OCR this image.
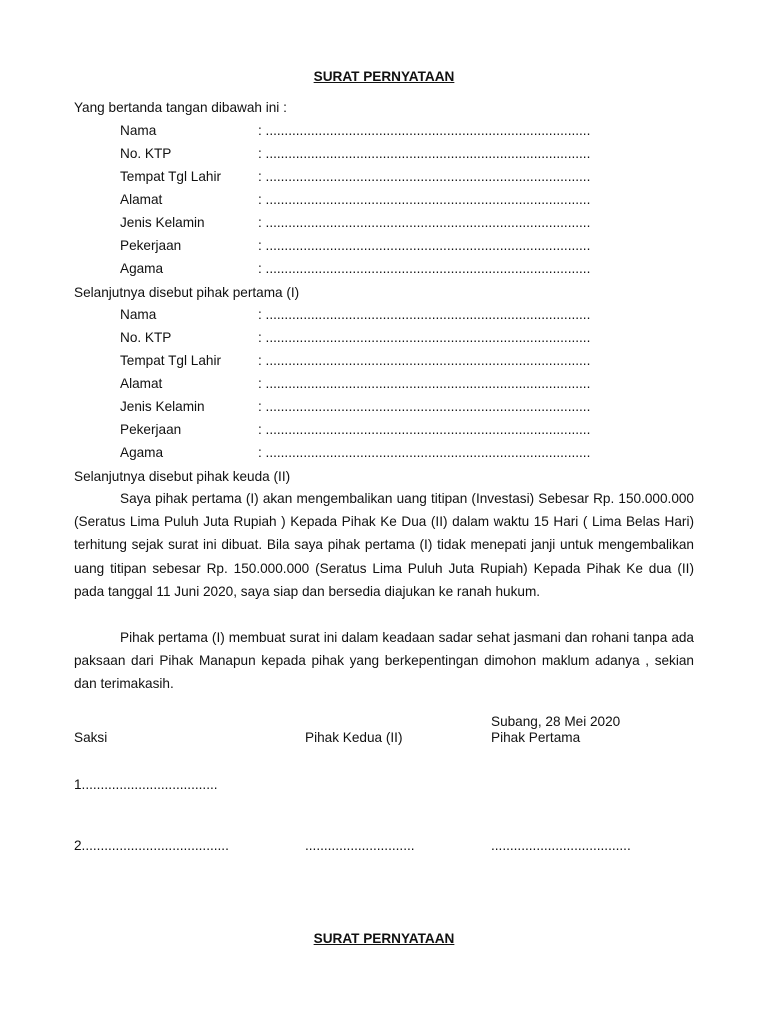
SURAT PERNYATAAN
Yang bertanda tangan dibawah ini :
Nama	: ......................................................................................
No. KTP	: ......................................................................................
Tempat Tgl Lahir	: ......................................................................................
Alamat	: ......................................................................................
Jenis Kelamin	: ......................................................................................
Pekerjaan	: ......................................................................................
Agama	: ......................................................................................
Selanjutnya disebut pihak pertama (I)
Nama	: ......................................................................................
No. KTP	: ......................................................................................
Tempat Tgl Lahir	: ......................................................................................
Alamat	: ......................................................................................
Jenis Kelamin	: ......................................................................................
Pekerjaan	: ......................................................................................
Agama	: ......................................................................................
Selanjutnya disebut pihak keuda (II)
Saya pihak pertama (I) akan mengembalikan uang titipan (Investasi) Sebesar Rp. 150.000.000 (Seratus Lima Puluh Juta Rupiah ) Kepada Pihak Ke Dua (II) dalam waktu 15 Hari ( Lima Belas Hari) terhitung sejak surat ini dibuat. Bila saya pihak pertama (I) tidak menepati janji untuk mengembalikan uang titipan sebesar Rp. 150.000.000 (Seratus Lima Puluh Juta Rupiah) Kepada Pihak Ke dua (II) pada tanggal 11 Juni 2020, saya siap dan bersedia diajukan ke ranah hukum.
Pihak pertama (I) membuat surat ini dalam keadaan sadar sehat jasmani dan rohani tanpa ada paksaan dari Pihak Manapun kepada pihak yang berkepentingan dimohon maklum adanya , sekian dan terimakasih.
Subang, 28 Mei 2020
Saksi	Pihak Kedua (II)	Pihak Pertama
1....................................
2.......................................	.............................	.....................................
SURAT PERNYATAAN
